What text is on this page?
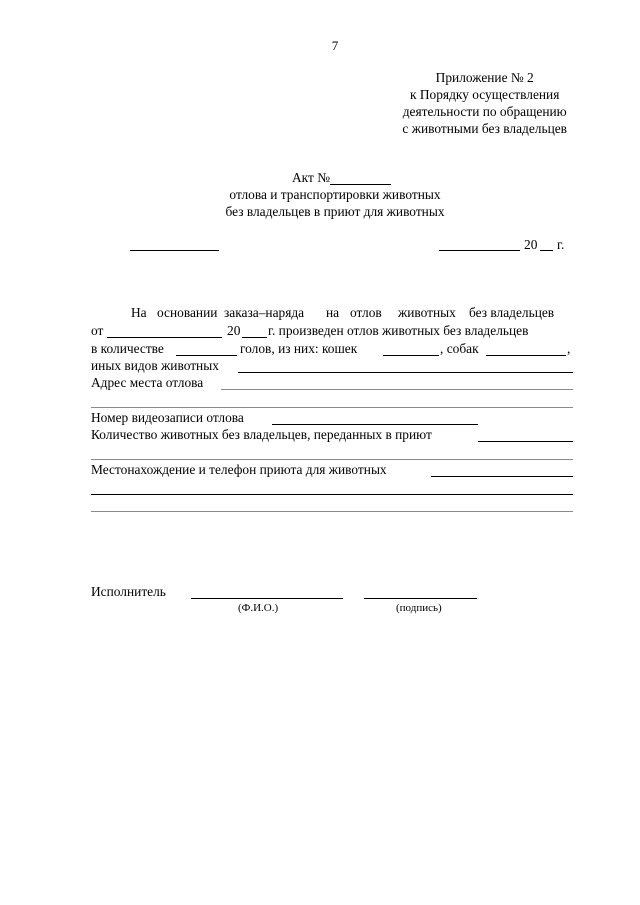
7
Приложение № 2
к Порядку осуществления
деятельности по обращению
с животными без владельцев
Акт №
отлова и транспортировки животных
без владельцев в приют для животных
20 г.
На основании заказа–наряда на отлов животных без владельцев
от	20 г. произведен отлов животных без владельцев
в количестве	голов, из них: кошек	, собак	,
иных видов животных
Адрес места отлова
Номер видеозаписи отлова
Количество животных без владельцев, переданных в приют
Местонахождение и телефон приюта для животных
Исполнитель
(Ф.И.О.)	(подпись)
